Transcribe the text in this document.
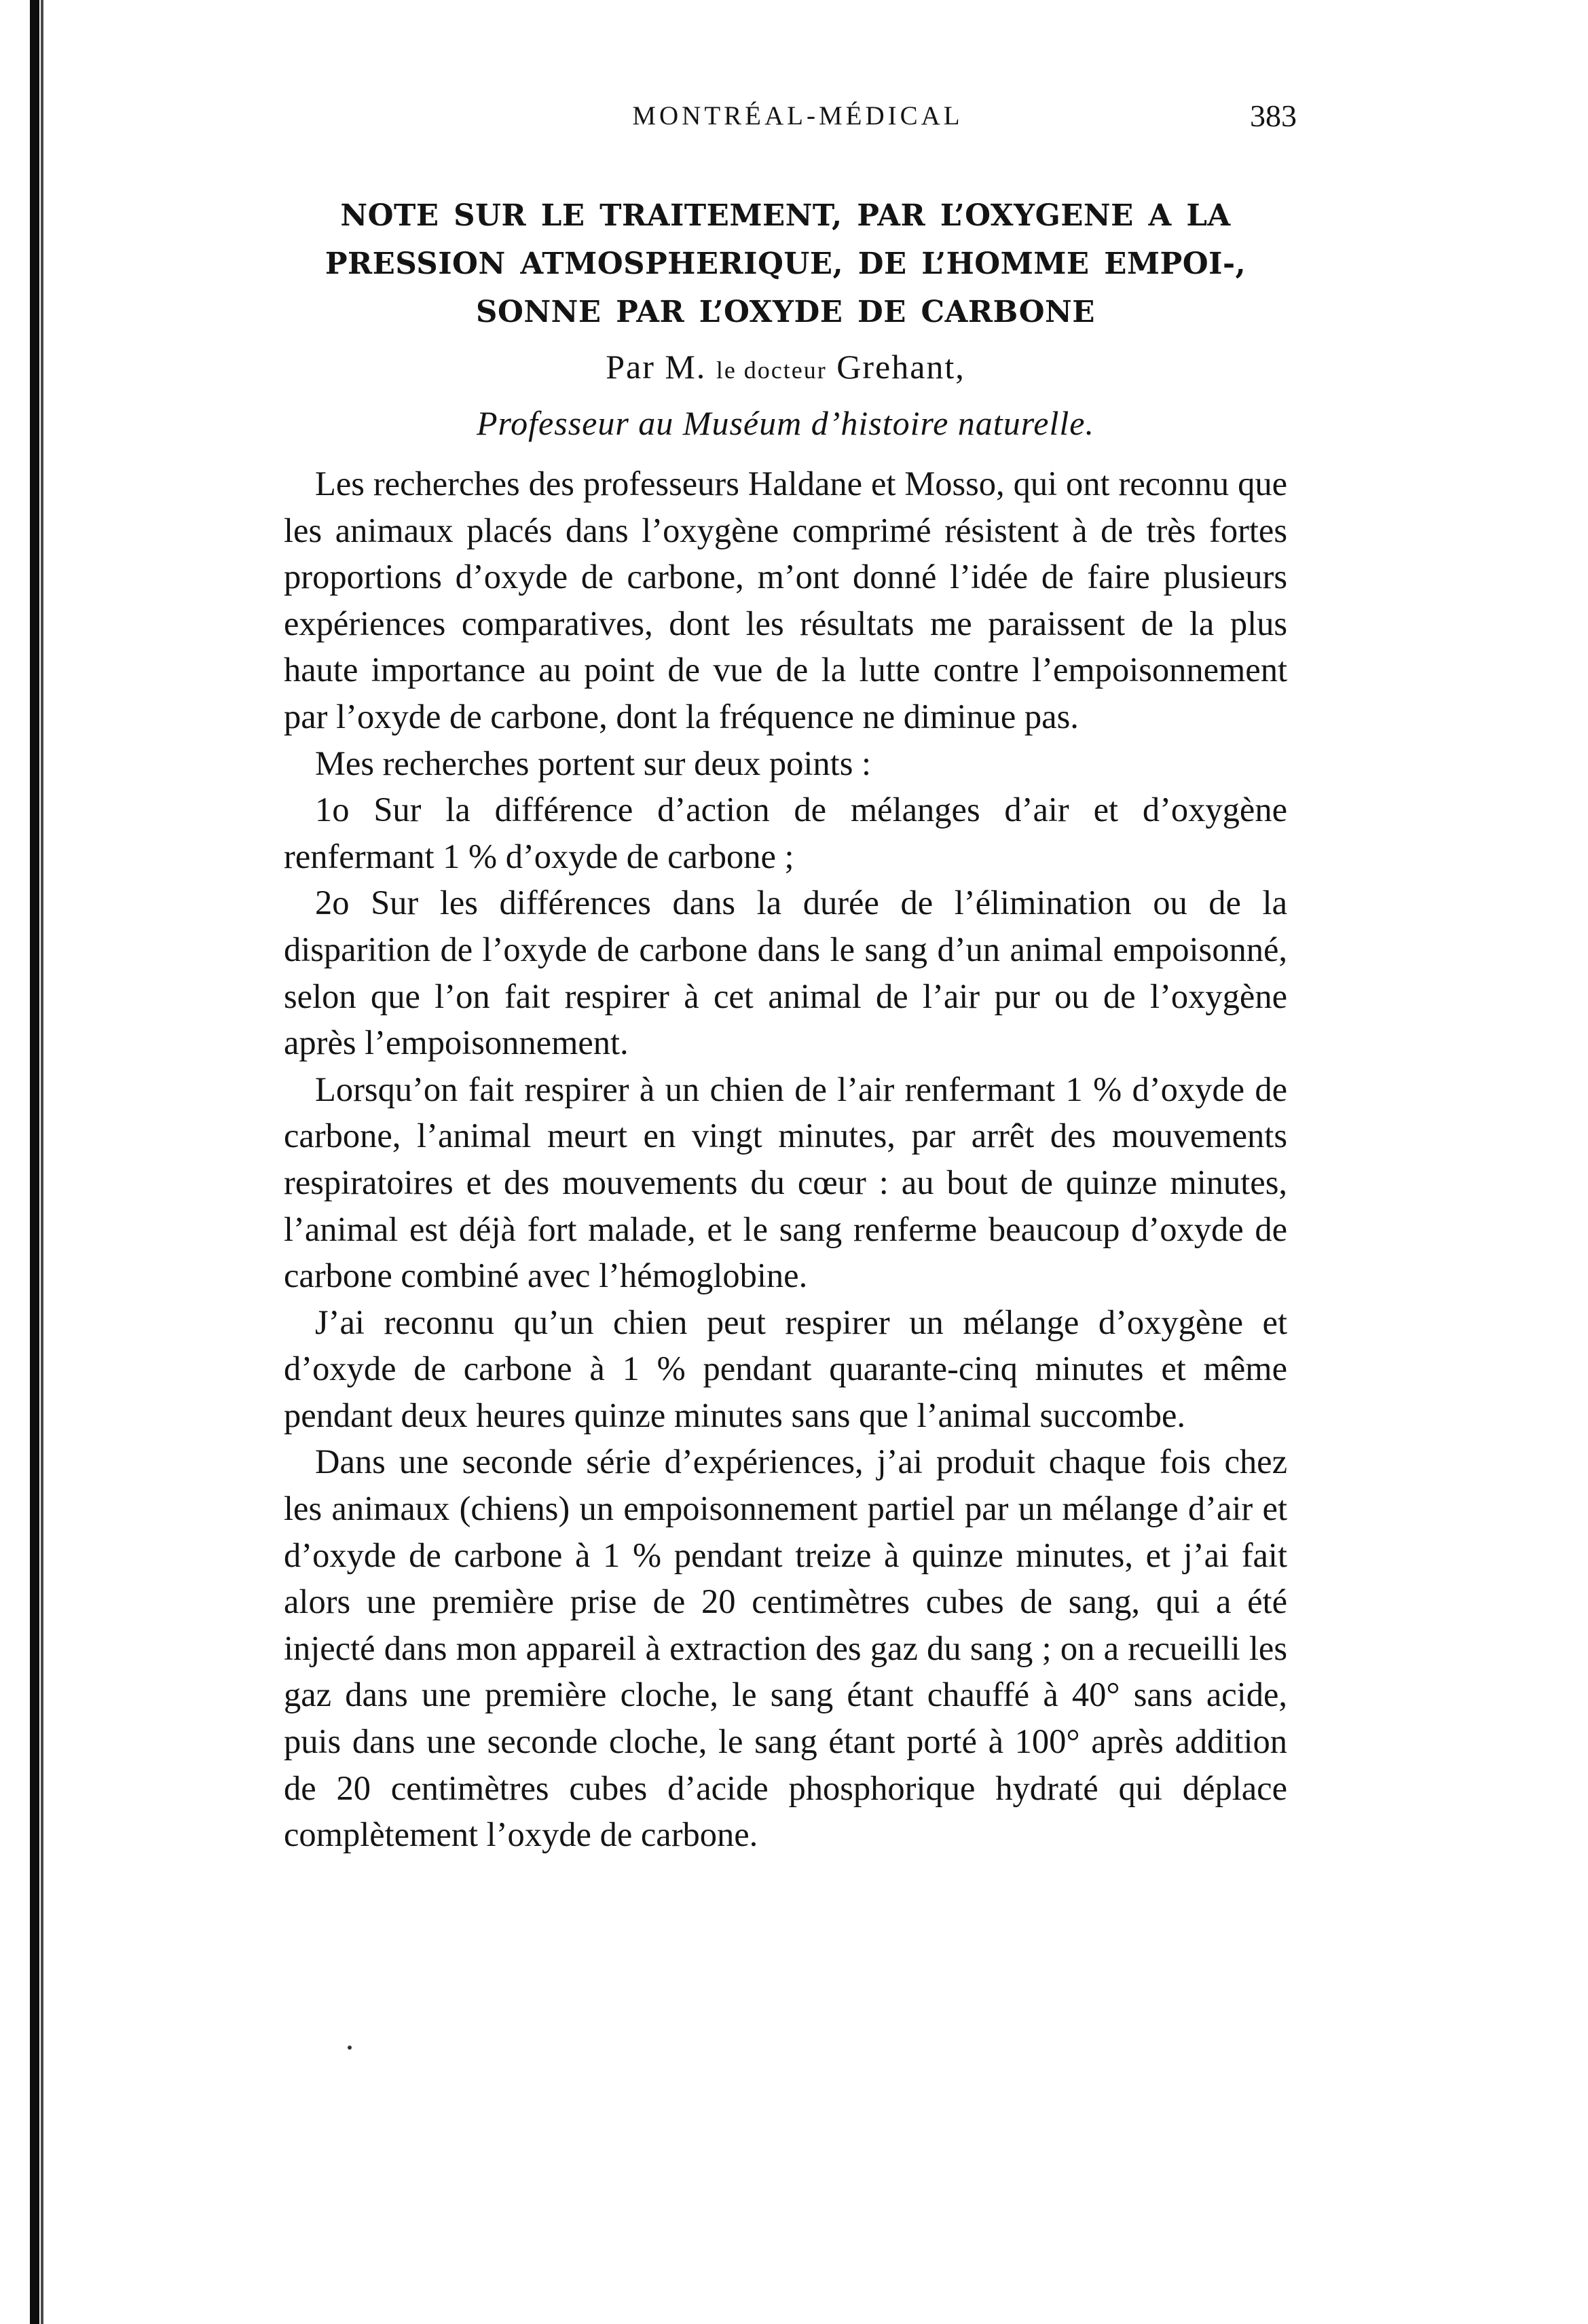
MONTRÉAL-MÉDICAL	383
NOTE SUR LE TRAITEMENT, PAR L’OXYGENE A LA
PRESSION ATMOSPHERIQUE, DE L’HOMME EMPOI-,
SONNE PAR L’OXYDE DE CARBONE
Par M. le docteur Grehant,
Professeur au Muséum d’histoire naturelle.

Les recherches des professeurs Haldane et Mosso, qui ont reconnu que les animaux placés dans l’oxygène comprimé résistent à de très fortes proportions d’oxyde de carbone, m’ont donné l’idée de faire plusieurs expériences comparatives, dont les résultats me paraissent de la plus haute importance au point de vue de la lutte contre l’empoisonnement par l’oxyde de carbone, dont la fréquence ne diminue pas.

Mes recherches portent sur deux points :

1o Sur la différence d’action de mélanges d’air et d’oxygène renfermant 1 % d’oxyde de carbone ;

2o Sur les différences dans la durée de l’élimination ou de la disparition de l’oxyde de carbone dans le sang d’un animal empoisonné, selon que l’on fait respirer à cet animal de l’air pur ou de l’oxygène après l’empoisonnement.

Lorsqu’on fait respirer à un chien de l’air renfermant 1 % d’oxyde de carbone, l’animal meurt en vingt minutes, par arrêt des mouvements respiratoires et des mouvements du cœur : au bout de quinze minutes, l’animal est déjà fort malade, et le sang renferme beaucoup d’oxyde de carbone combiné avec l’hémoglobine.

J’ai reconnu qu’un chien peut respirer un mélange d’oxygène et d’oxyde de carbone à 1 % pendant quarante-cinq minutes et même pendant deux heures quinze minutes sans que l’animal succombe.

Dans une seconde série d’expériences, j’ai produit chaque fois chez les animaux (chiens) un empoisonnement partiel par un mélange d’air et d’oxyde de carbone à 1 % pendant treize à quinze minutes, et j’ai fait alors une première prise de 20 centimètres cubes de sang, qui a été injecté dans mon appareil à extraction des gaz du sang ; on a recueilli les gaz dans une première cloche, le sang étant chauffé à 40° sans acide, puis dans une seconde cloche, le sang étant porté à 100° après addition de 20 centimètres cubes d’acide phosphorique hydraté qui déplace complètement l’oxyde de carbone.
